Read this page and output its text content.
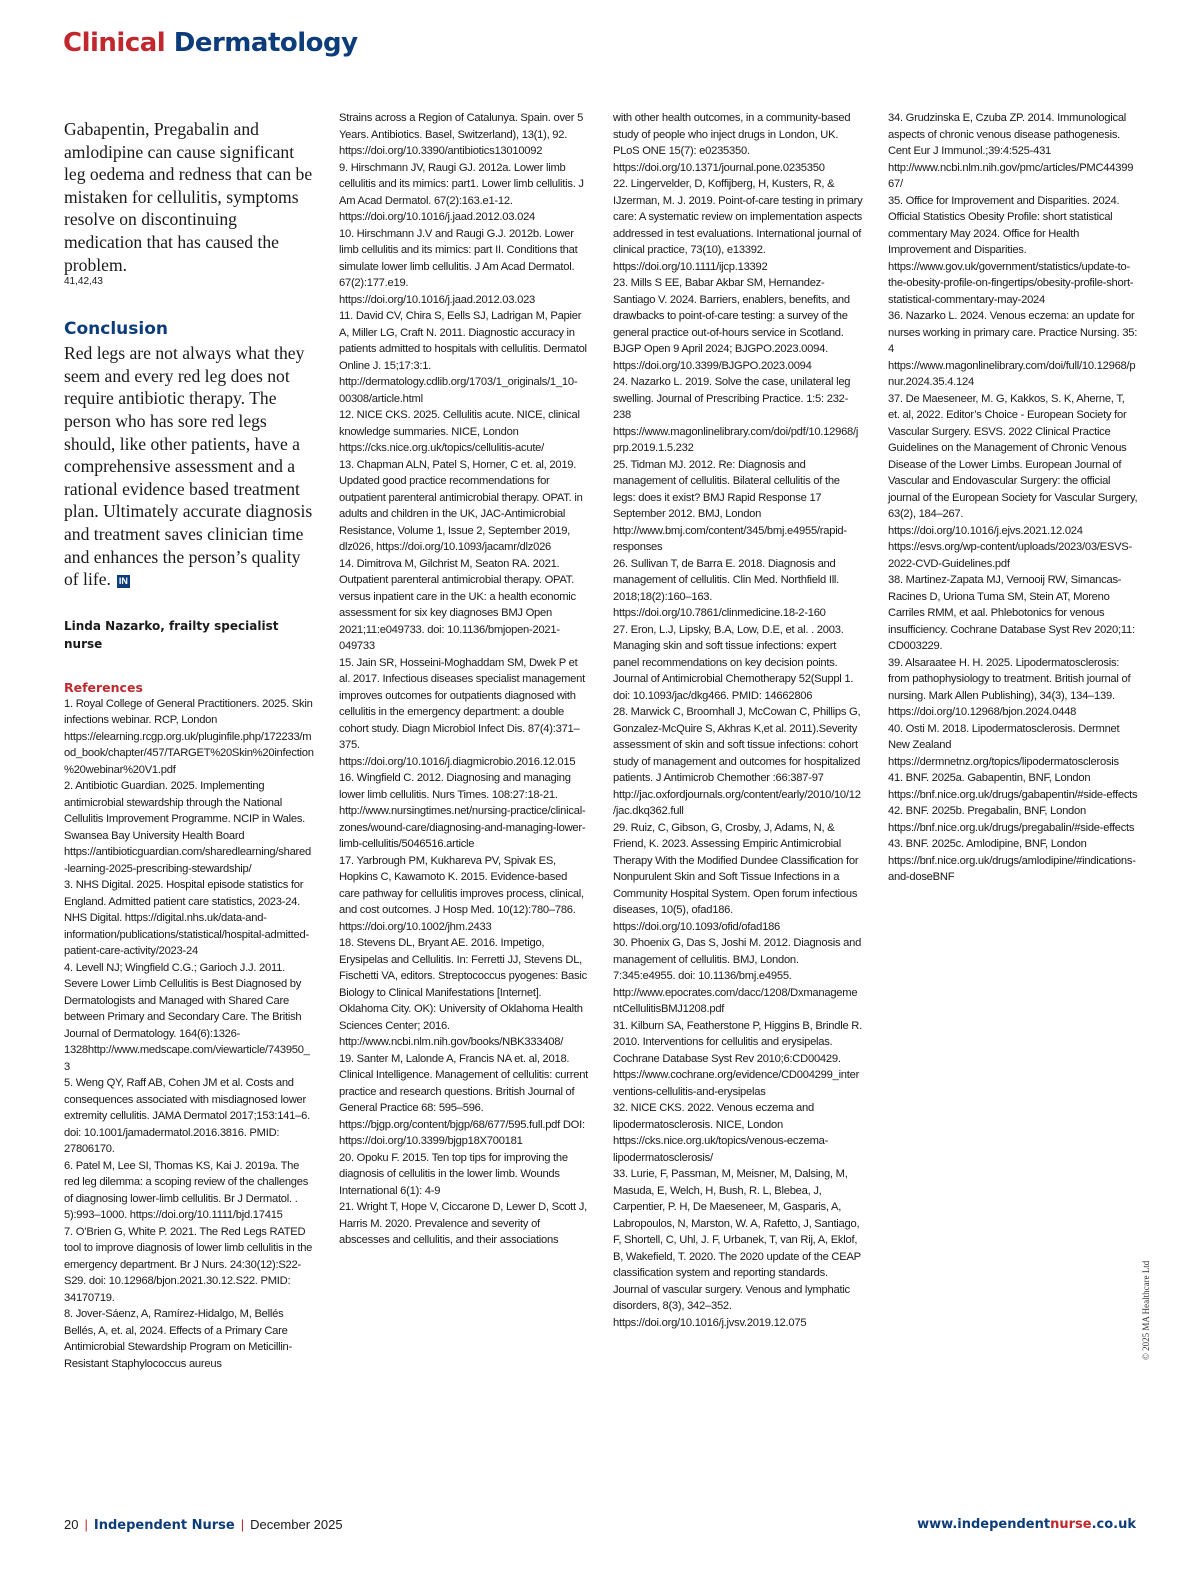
Clinical Dermatology

Gabapentin, Pregabalin and amlodipine can cause significant leg oedema and redness that can be mistaken for cellulitis, symptoms resolve on discontinuing medication that has caused the problem.

41,42,43
Conclusion

Red legs are not always what they seem and every red leg does not require antibiotic therapy. The person who has sore red legs should, like other patients, have a comprehensive assessment and a rational evidence based treatment plan. Ultimately accurate diagnosis and treatment saves clinician time and enhances the person’s quality of life. IN

Linda Nazarko, frailty specialist nurse
References
1. Royal College of General Practitioners. 2025. Skin infections webinar. RCP, London https://elearning.rcgp.org.uk/pluginfile.php/172233/mod_book/chapter/457/TARGET%20Skin%20infection%20webinar%20V1.pdf
2. Antibiotic Guardian. 2025. Implementing antimicrobial stewardship through the National Cellulitis Improvement Programme. NCIP in Wales. Swansea Bay University Health Board https://antibioticguardian.com/sharedlearning/shared-learning-2025-prescribing-stewardship/
3. NHS Digital. 2025. Hospital episode statistics for England. Admitted patient care statistics, 2023-24. NHS Digital. https://digital.nhs.uk/data-and-information/publications/statistical/hospital-admitted-patient-care-activity/2023-24
4. Levell NJ; Wingfield C.G.; Garioch J.J. 2011. Severe Lower Limb Cellulitis is Best Diagnosed by Dermatologists and Managed with Shared Care between Primary and Secondary Care. The British Journal of Dermatology. 164(6):1326-1328http://www.medscape.com/viewarticle/743950_3
5. Weng QY, Raff AB, Cohen JM et al. Costs and consequences associated with misdiagnosed lower extremity cellulitis. JAMA Dermatol 2017;153:141–6. doi: 10.1001/jamadermatol.2016.3816. PMID: 27806170.
6. Patel M, Lee SI, Thomas KS, Kai J. 2019a. The red leg dilemma: a scoping review of the challenges of diagnosing lower-limb cellulitis. Br J Dermatol. . 5):993–1000. https://doi.org/10.1111/bjd.17415
7. O’Brien G, White P. 2021. The Red Legs RATED tool to improve diagnosis of lower limb cellulitis in the emergency department. Br J Nurs. 24:30(12):S22-S29. doi: 10.12968/bjon.2021.30.12.S22. PMID: 34170719.
8. Jover-Sáenz, A, Ramírez-Hidalgo, M, Bellés Bellés, A, et. al, 2024. Effects of a Primary Care Antimicrobial Stewardship Program on Meticillin-Resistant Staphylococcus aureus
Strains across a Region of Catalunya. Spain. over 5 Years. Antibiotics. Basel, Switzerland), 13(1), 92. https://doi.org/10.3390/antibiotics13010092
9. Hirschmann JV, Raugi GJ. 2012a. Lower limb cellulitis and its mimics: part1. Lower limb cellulitis. J Am Acad Dermatol. 67(2):163.e1-12. https://doi.org/10.1016/j.jaad.2012.03.024
10. Hirschmann J.V and Raugi G.J. 2012b. Lower limb cellulitis and its mimics: part II. Conditions that simulate lower limb cellulitis. J Am Acad Dermatol. 67(2):177.e19. https://doi.org/10.1016/j.jaad.2012.03.023
11. David CV, Chira S, Eells SJ, Ladrigan M, Papier A, Miller LG, Craft N. 2011. Diagnostic accuracy in patients admitted to hospitals with cellulitis. Dermatol Online J. 15;17:3:1. http://dermatology.cdlib.org/1703/1_originals/1_10-00308/article.html
12. NICE CKS. 2025. Cellulitis acute. NICE, clinical knowledge summaries. NICE, London https://cks.nice.org.uk/topics/cellulitis-acute/
13. Chapman ALN, Patel S, Horner, C et. al, 2019. Updated good practice recommendations for outpatient parenteral antimicrobial therapy. OPAT. in adults and children in the UK, JAC-Antimicrobial Resistance, Volume 1, Issue 2, September 2019, dlz026, https://doi.org/10.1093/jacamr/dlz026
14. Dimitrova M, Gilchrist M, Seaton RA. 2021. Outpatient parenteral antimicrobial therapy. OPAT. versus inpatient care in the UK: a health economic assessment for six key diagnoses BMJ Open 2021;11:e049733. doi: 10.1136/bmjopen-2021-049733
15. Jain SR, Hosseini-Moghaddam SM, Dwek P et al. 2017. Infectious diseases specialist management improves outcomes for outpatients diagnosed with cellulitis in the emergency department: a double cohort study. Diagn Microbiol Infect Dis. 87(4):371–375. https://doi.org/10.1016/j.diagmicrobio.2016.12.015
16. Wingfield C. 2012. Diagnosing and managing lower limb cellulitis. Nurs Times. 108:27:18-21. http://www.nursingtimes.net/nursing-practice/clinical-zones/wound-care/diagnosing-and-managing-lower-limb-cellulitis/5046516.article
17. Yarbrough PM, Kukhareva PV, Spivak ES, Hopkins C, Kawamoto K. 2015. Evidence-based care pathway for cellulitis improves process, clinical, and cost outcomes. J Hosp Med. 10(12):780–786. https://doi.org/10.1002/jhm.2433
18. Stevens DL, Bryant AE. 2016. Impetigo, Erysipelas and Cellulitis. In: Ferretti JJ, Stevens DL, Fischetti VA, editors. Streptococcus pyogenes: Basic Biology to Clinical Manifestations [Internet]. Oklahoma City. OK): University of Oklahoma Health Sciences Center; 2016. http://www.ncbi.nlm.nih.gov/books/NBK333408/
19. Santer M, Lalonde A, Francis NA et. al, 2018. Clinical Intelligence. Management of cellulitis: current practice and research questions. British Journal of General Practice 68: 595–596. https://bjgp.org/content/bjgp/68/677/595.full.pdf DOI: https://doi.org/10.3399/bjgp18X700181
20. Opoku F. 2015. Ten top tips for improving the diagnosis of cellulitis in the lower limb. Wounds International 6(1): 4-9
21. Wright T, Hope V, Ciccarone D, Lewer D, Scott J, Harris M. 2020. Prevalence and severity of abscesses and cellulitis, and their associations
with other health outcomes, in a community-based study of people who inject drugs in London, UK. PLoS ONE 15(7): e0235350. https://doi.org/10.1371/journal.pone.0235350
22. Lingervelder, D, Koffijberg, H, Kusters, R, & IJzerman, M. J. 2019. Point-of-care testing in primary care: A systematic review on implementation aspects addressed in test evaluations. International journal of clinical practice, 73(10), e13392. https://doi.org/10.1111/ijcp.13392
23. Mills S EE, Babar Akbar SM, Hernandez-Santiago V. 2024. Barriers, enablers, benefits, and drawbacks to point-of-care testing: a survey of the general practice out-of-hours service in Scotland. BJGP Open 9 April 2024; BJGPO.2023.0094. https://doi.org/10.3399/BJGPO.2023.0094
24. Nazarko L. 2019. Solve the case, unilateral leg swelling. Journal of Prescribing Practice. 1:5: 232-238 https://www.magonlinelibrary.com/doi/pdf/10.12968/jprp.2019.1.5.232
25. Tidman MJ. 2012. Re: Diagnosis and management of cellulitis. Bilateral cellulitis of the legs: does it exist? BMJ Rapid Response 17 September 2012. BMJ, London http://www.bmj.com/content/345/bmj.e4955/rapid-responses
26. Sullivan T, de Barra E. 2018. Diagnosis and management of cellulitis. Clin Med. Northfield Ill. 2018;18(2):160–163. https://doi.org/10.7861/clinmedicine.18-2-160
27. Eron, L.J, Lipsky, B.A, Low, D.E, et al. . 2003. Managing skin and soft tissue infections: expert panel recommendations on key decision points. Journal of Antimicrobial Chemotherapy 52(Suppl 1. doi: 10.1093/jac/dkg466. PMID: 14662806
28. Marwick C, Broomhall J, McCowan C, Phillips G, Gonzalez-McQuire S, Akhras K,et al. 2011).Severity assessment of skin and soft tissue infections: cohort study of management and outcomes for hospitalized patients. J Antimicrob Chemother :66:387-97 http://jac.oxfordjournals.org/content/early/2010/10/12/jac.dkq362.full
29. Ruiz, C, Gibson, G, Crosby, J, Adams, N, & Friend, K. 2023. Assessing Empiric Antimicrobial Therapy With the Modified Dundee Classification for Nonpurulent Skin and Soft Tissue Infections in a Community Hospital System. Open forum infectious diseases, 10(5), ofad186. https://doi.org/10.1093/ofid/ofad186
30. Phoenix G, Das S, Joshi M. 2012. Diagnosis and management of cellulitis. BMJ, London. 7:345:e4955. doi: 10.1136/bmj.e4955. http://www.epocrates.com/dacc/1208/DxmanagementCellulitisBMJ1208.pdf
31. Kilburn SA, Featherstone P, Higgins B, Brindle R. 2010. Interventions for cellulitis and erysipelas. Cochrane Database Syst Rev 2010;6:CD00429. https://www.cochrane.org/evidence/CD004299_interventions-cellulitis-and-erysipelas
32. NICE CKS. 2022. Venous eczema and lipodermatosclerosis. NICE, London https://cks.nice.org.uk/topics/venous-eczema-lipodermatosclerosis/
33. Lurie, F, Passman, M, Meisner, M, Dalsing, M, Masuda, E, Welch, H, Bush, R. L, Blebea, J, Carpentier, P. H, De Maeseneer, M, Gasparis, A, Labropoulos, N, Marston, W. A, Rafetto, J, Santiago, F, Shortell, C, Uhl, J. F, Urbanek, T, van Rij, A, Eklof, B, Wakefield, T. 2020. The 2020 update of the CEAP classification system and reporting standards. Journal of vascular surgery. Venous and lymphatic disorders, 8(3), 342–352. https://doi.org/10.1016/j.jvsv.2019.12.075
34. Grudzinska E, Czuba ZP. 2014. Immunological aspects of chronic venous disease pathogenesis. Cent Eur J Immunol.;39:4:525-431 http://www.ncbi.nlm.nih.gov/pmc/articles/PMC4439967/
35. Office for Improvement and Disparities. 2024. Official Statistics Obesity Profile: short statistical commentary May 2024. Office for Health Improvement and Disparities. https://www.gov.uk/government/statistics/update-to-the-obesity-profile-on-fingertips/obesity-profile-short-statistical-commentary-may-2024
36. Nazarko L. 2024. Venous eczema: an update for nurses working in primary care. Practice Nursing. 35: 4 https://www.magonlinelibrary.com/doi/full/10.12968/pnur.2024.35.4.124
37. De Maeseneer, M. G, Kakkos, S. K, Aherne, T, et. al, 2022. Editor’s Choice - European Society for Vascular Surgery. ESVS. 2022 Clinical Practice Guidelines on the Management of Chronic Venous Disease of the Lower Limbs. European Journal of Vascular and Endovascular Surgery: the official journal of the European Society for Vascular Surgery, 63(2), 184–267. https://doi.org/10.1016/j.ejvs.2021.12.024 https://esvs.org/wp-content/uploads/2023/03/ESVS-2022-CVD-Guidelines.pdf
38. Martinez-Zapata MJ, Vernooij RW, Simancas-Racines D, Uriona Tuma SM, Stein AT, Moreno Carriles RMM, et aal. Phlebotonics for venous insufficiency. Cochrane Database Syst Rev 2020;11: CD003229.
39. Alsaraatee H. H. 2025. Lipodermatosclerosis: from pathophysiology to treatment. British journal of nursing. Mark Allen Publishing), 34(3), 134–139. https://doi.org/10.12968/bjon.2024.0448
40. Osti M. 2018. Lipodermatosclerosis. Dermnet New Zealand https://dermnetnz.org/topics/lipodermatosclerosis
41. BNF. 2025a. Gabapentin, BNF, London https://bnf.nice.org.uk/drugs/gabapentin/#side-effects
42. BNF. 2025b. Pregabalin, BNF, London https://bnf.nice.org.uk/drugs/pregabalin/#side-effects
43. BNF. 2025c. Amlodipine, BNF, London https://bnf.nice.org.uk/drugs/amlodipine/#indications-and-doseBNF
© 2025 MA Healthcare Ltd
20 | Independent Nurse | December 2025	www.independentnurse.co.uk
